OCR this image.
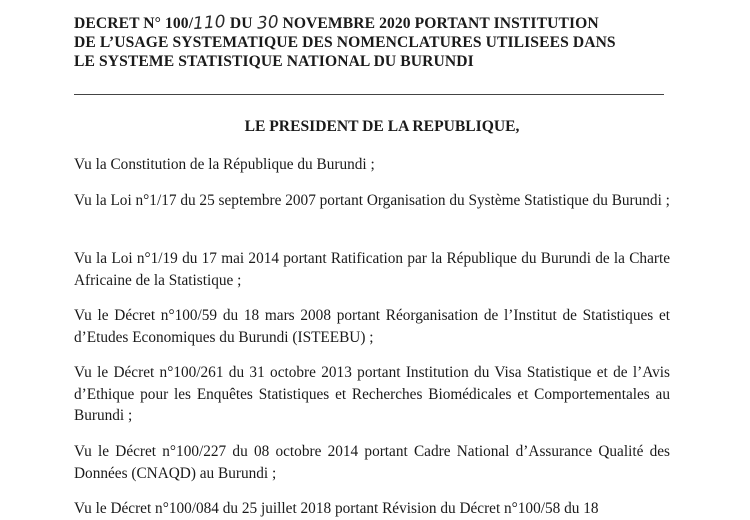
DECRET N° 100/110 DU 30 NOVEMBRE 2020 PORTANT INSTITUTION
DE L’USAGE SYSTEMATIQUE DES NOMENCLATURES UTILISEES DANS
LE SYSTEME STATISTIQUE NATIONAL DU BURUNDI
LE PRESIDENT DE LA REPUBLIQUE,
Vu la Constitution de la République du Burundi ;
Vu la Loi n°1/17 du 25 septembre 2007 portant Organisation du Système Statistique du Burundi ;
Vu la Loi n°1/19 du 17 mai 2014 portant Ratification par la République du Burundi de la Charte Africaine de la Statistique ;
Vu le Décret n°100/59 du 18 mars 2008 portant Réorganisation de l’Institut de Statistiques et d’Etudes Economiques du Burundi (ISTEEBU) ;
Vu le Décret n°100/261 du 31 octobre 2013 portant Institution du Visa Statistique et de l’Avis d’Ethique pour les Enquêtes Statistiques et Recherches Biomédicales et Comportementales au Burundi ;
Vu le Décret n°100/227 du 08 octobre 2014 portant Cadre National d’Assurance Qualité des Données (CNAQD) au Burundi ;
Vu le Décret n°100/084 du 25 juillet 2018 portant Révision du Décret n°100/58 du 18
